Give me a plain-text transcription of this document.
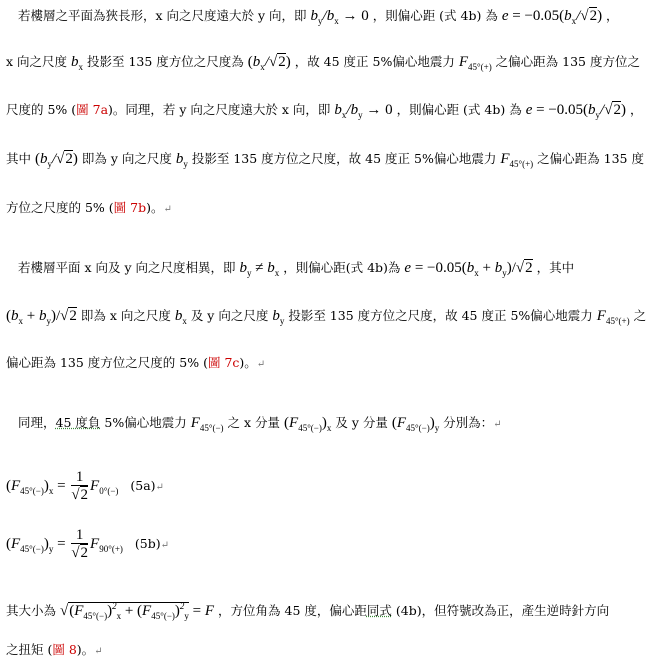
若樓層之平面為狹長形，x 向之尺度遠大於 y 向，即 $b_y/b_x \to 0$ ，則偏心距 (式 4b) 為 $e = -0.05(b_x/√2)$ ，
x 向之尺度 $b_x$ 投影至 135 度方位之尺度為 $(b_x/√2)$ ，故 45 度正 5%偏心地震力 $F_{45^\circ(+)}$ 之偏心距為 135 度方位之
尺度的 5% (圖 7a)。同理，若 y 向之尺度遠大於 x 向，即 $b_x/b_y \to 0$ ，則偏心距 (式 4b) 為 $e = -0.05(b_y/√2)$ ，
其中 $(b_y/√2)$ 即為 y 向之尺度 $b_y$ 投影至 135 度方位之尺度，故 45 度正 5%偏心地震力 $F_{45^\circ(+)}$ 之偏心距為 135 度
方位之尺度的 5% (圖 7b)。↵
若樓層平面 x 向及 y 向之尺度相異，即 $b_y \ne b_x$ ，則偏心距(式 4b)為 $e = -0.05(b_x + b_y)/√2$ ，其中
$(b_x + b_y)/√2$ 即為 x 向之尺度 $b_x$ 及 y 向之尺度 $b_y$ 投影至 135 度方位之尺度，故 45 度正 5%偏心地震力 $F_{45^\circ(+)}$ 之
偏心距為 135 度方位之尺度的 5% (圖 7c)。↵
同理，45 度負 5%偏心地震力 $F_{45^\circ(-)}$ 之 x 分量 $(F_{45^\circ(-)})_x$ 及 y 分量 $(F_{45^\circ(-)})_y$ 分別為：↵
$(F_{45^\circ(-)})_x = \frac{1}{√2} F_{0^\circ(-)}$ (5a)↵
$(F_{45^\circ(-)})_y = \frac{1}{√2} F_{90^\circ(+)}$ (5b)↵
其大小為 $√(F_{45^\circ(-)})^2_x + (F_{45^\circ(-)})^2_y = F$ ，方位角為 45 度，偏心距同式 (4b)，但符號改為正，產生逆時針方向
之扭矩 (圖 8)。↵
